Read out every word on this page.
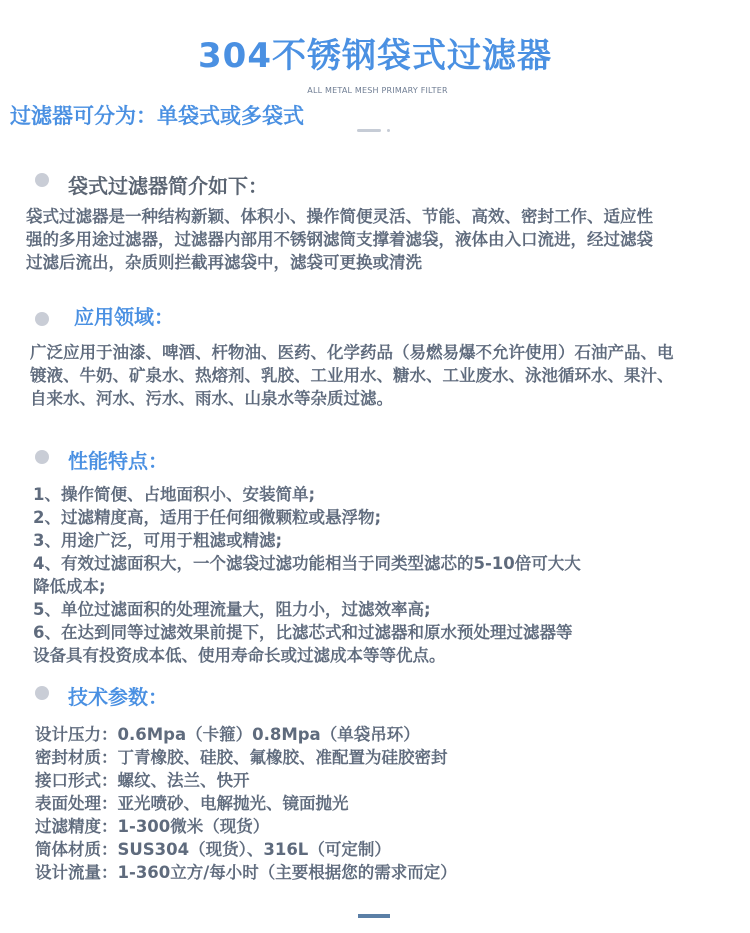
304不锈钢袋式过滤器
ALL METAL MESH PRIMARY FILTER
过滤器可分为：单袋式或多袋式
袋式过滤器简介如下：
袋式过滤器是一种结构新颖、体积小、操作简便灵活、节能、高效、密封工作、适应性
强的多用途过滤器，过滤器内部用不锈钢滤筒支撑着滤袋，液体由入口流进，经过滤袋
过滤后流出，杂质则拦截再滤袋中，滤袋可更换或清洗
应用领域：
广泛应用于油漆、啤酒、杆物油、医药、化学药品（易燃易爆不允许使用）石油产品、电
镀液、牛奶、矿泉水、热熔剂、乳胶、工业用水、糖水、工业废水、泳池循环水、果汁、
自来水、河水、污水、雨水、山泉水等杂质过滤。
性能特点：
1、操作简便、占地面积小、安装简单;
2、过滤精度高，适用于任何细微颗粒或悬浮物;
3、用途广泛，可用于粗滤或精滤;
4、有效过滤面积大，一个滤袋过滤功能相当于同类型滤芯的5-10倍可大大
降低成本;
5、单位过滤面积的处理流量大，阻力小，过滤效率高;
6、在达到同等过滤效果前提下，比滤芯式和过滤器和原水预处理过滤器等
设备具有投资成本低、使用寿命长或过滤成本等等优点。
技术参数：
设计压力：0.6Mpa（卡箍）0.8Mpa（单袋吊环）
密封材质：丁青橡胶、硅胶、氟橡胶、准配置为硅胶密封
接口形式：螺纹、法兰、快开
表面处理：亚光喷砂、电解抛光、镜面抛光
过滤精度：1-300微米（现货）
筒体材质：SUS304（现货）、316L（可定制）
设计流量：1-360立方/每小时（主要根据您的需求而定）
